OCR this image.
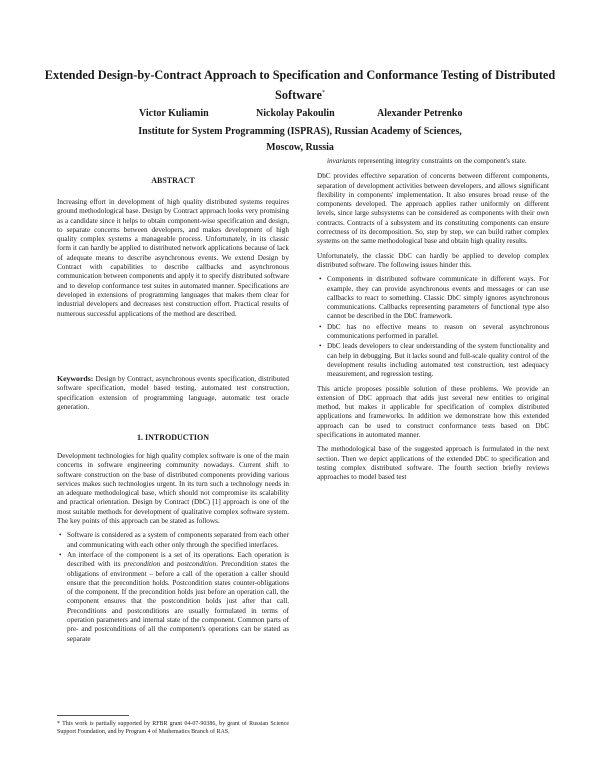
Extended Design-by-Contract Approach to Specification and Conformance Testing of Distributed Software*
Victor Kuliamin	Nickolay Pakoulin	Alexander Petrenko
Institute for System Programming (ISPRAS), Russian Academy of Sciences,
Moscow, Russia
ABSTRACT

Increasing effort in development of high quality distributed systems requires ground methodological base. Design by Contract approach looks very promising as a candidate since it helps to obtain component-wise specification and design, to separate concerns between developers, and makes development of high quality complex systems a manageable process. Unfortunately, in its classic form it can hardly be applied to distributed network applications because of lack of adequate means to describe asynchronous events. We extend Design by Contract with capabilities to describe callbacks and asynchronous communication between components and apply it to specify distributed software and to develop conformance test suites in automated manner. Specifications are developed in extensions of programming languages that makes them clear for industrial developers and decreases test construction effort. Practical results of numerous successful applications of the method are described.

Keywords: Design by Contract, asynchronous events specification, distributed software specification, model based testing, automated test construction, specification extension of programming language, automatic test oracle generation.

1. INTRODUCTION

Development technologies for high quality complex software is one of the main concerns in software engineering community nowadays. Current shift to software construction on the base of distributed components providing various services makes such technologies urgent. In its turn such a technology needs in an adequate methodological base, which should not compromise its scalability and practical orientation. Design by Contract (DbC) [1] approach is one of the most suitable methods for development of qualitative complex software system. The key points of this approach can be stated as follows.

• Software is considered as a system of components separated from each other and communicating with each other only through the specified interfaces.
• An interface of the component is a set of its operations. Each operation is described with its precondition and postcondition. Precondition states the obligations of environment – before a call of the operation a caller should ensure that the precondition holds. Postcondition states counter-obligations of the component. If the precondition holds just before an operation call, the component ensures that the postcondition holds just after that call. Preconditions and postconditions are usually formulated in terms of operation parameters and internal state of the component. Common parts of pre- and postconditions of all the component's operations can be stated as separate

invariants representing integrity constraints on the component's state.

DbC provides effective separation of concerns between different components, separation of development activities between developers, and allows significant flexibility in components' implementation. It also ensures broad reuse of the components developed. The approach applies rather uniformly on different levels, since large subsystems can be considered as components with their own contracts. Contracts of a subsystem and its constituting components can ensure correctness of its decomposition. So, step by step, we can build rather complex systems on the same methodological base and obtain high quality results.

Unfortunately, the classic DbC can hardly be applied to develop complex distributed software. The following issues hinder this.

• Components in distributed software communicate in different ways. For example, they can provide asynchronous events and messages or can use callbacks to react to something. Classic DbC simply ignores asynchronous communications. Callbacks representing parameters of functional type also cannot be described in the DbC framework.
• DbC has no effective means to reason on several asynchronous communications performed in parallel.
• DbC leads developers to clear understanding of the system functionality and can help in debugging. But it lacks sound and full-scale quality control of the development results including automated test construction, test adequacy measurement, and regression testing.

This article proposes possible solution of these problems. We provide an extension of DbC approach that adds just several new entities to original method, but makes it applicable for specification of complex distributed applications and frameworks. In addition we demonstrate how this extended approach can be used to construct conformance tests based on DbC specifications in automated manner.

The methodological base of the suggested approach is formulated in the next section. Then we depict applications of the extended DbC to specification and testing complex distributed software. The fourth section briefly reviews approaches to model based test

* This work is partially supported by RFBR grant 04-07-90386, by grant of Russian Science Support Foundation, and by Program 4 of Mathematics Branch of RAS.
